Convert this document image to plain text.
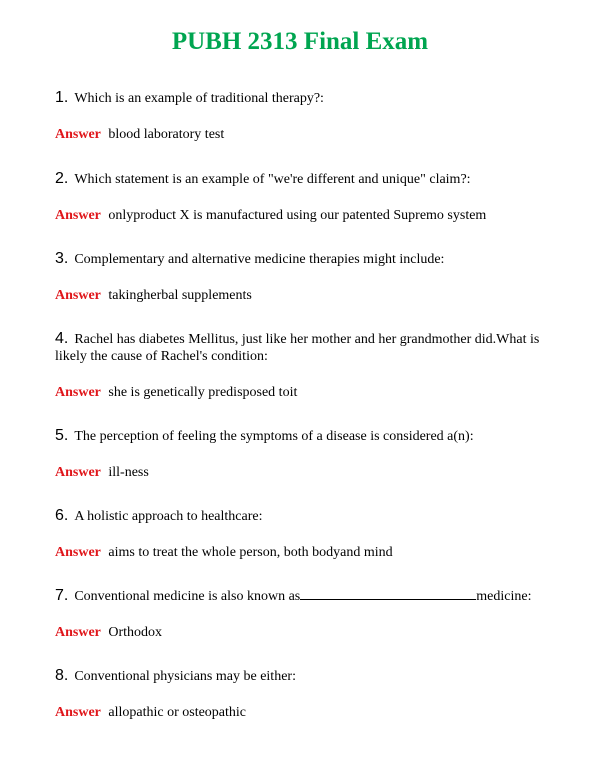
PUBH 2313 Final Exam
1. Which is an example of traditional therapy?:
Answer blood laboratory test
2. Which statement is an example of "we're different and unique" claim?:
Answer onlyproduct X is manufactured using our patented Supremo system
3. Complementary and alternative medicine therapies might include:
Answer takingherbal supplements
4. Rachel has diabetes Mellitus, just like her mother and her grandmother did.What is likely the cause of Rachel's condition:
Answer she is genetically predisposed toit
5. The perception of feeling the symptoms of a disease is considered a(n):
Answer ill-ness
6. A holistic approach to healthcare:
Answer aims to treat the whole person, both bodyand mind
7. Conventional medicine is also known as	medicine:
Answer Orthodox
8. Conventional physicians may be either:
Answer allopathic or osteopathic
